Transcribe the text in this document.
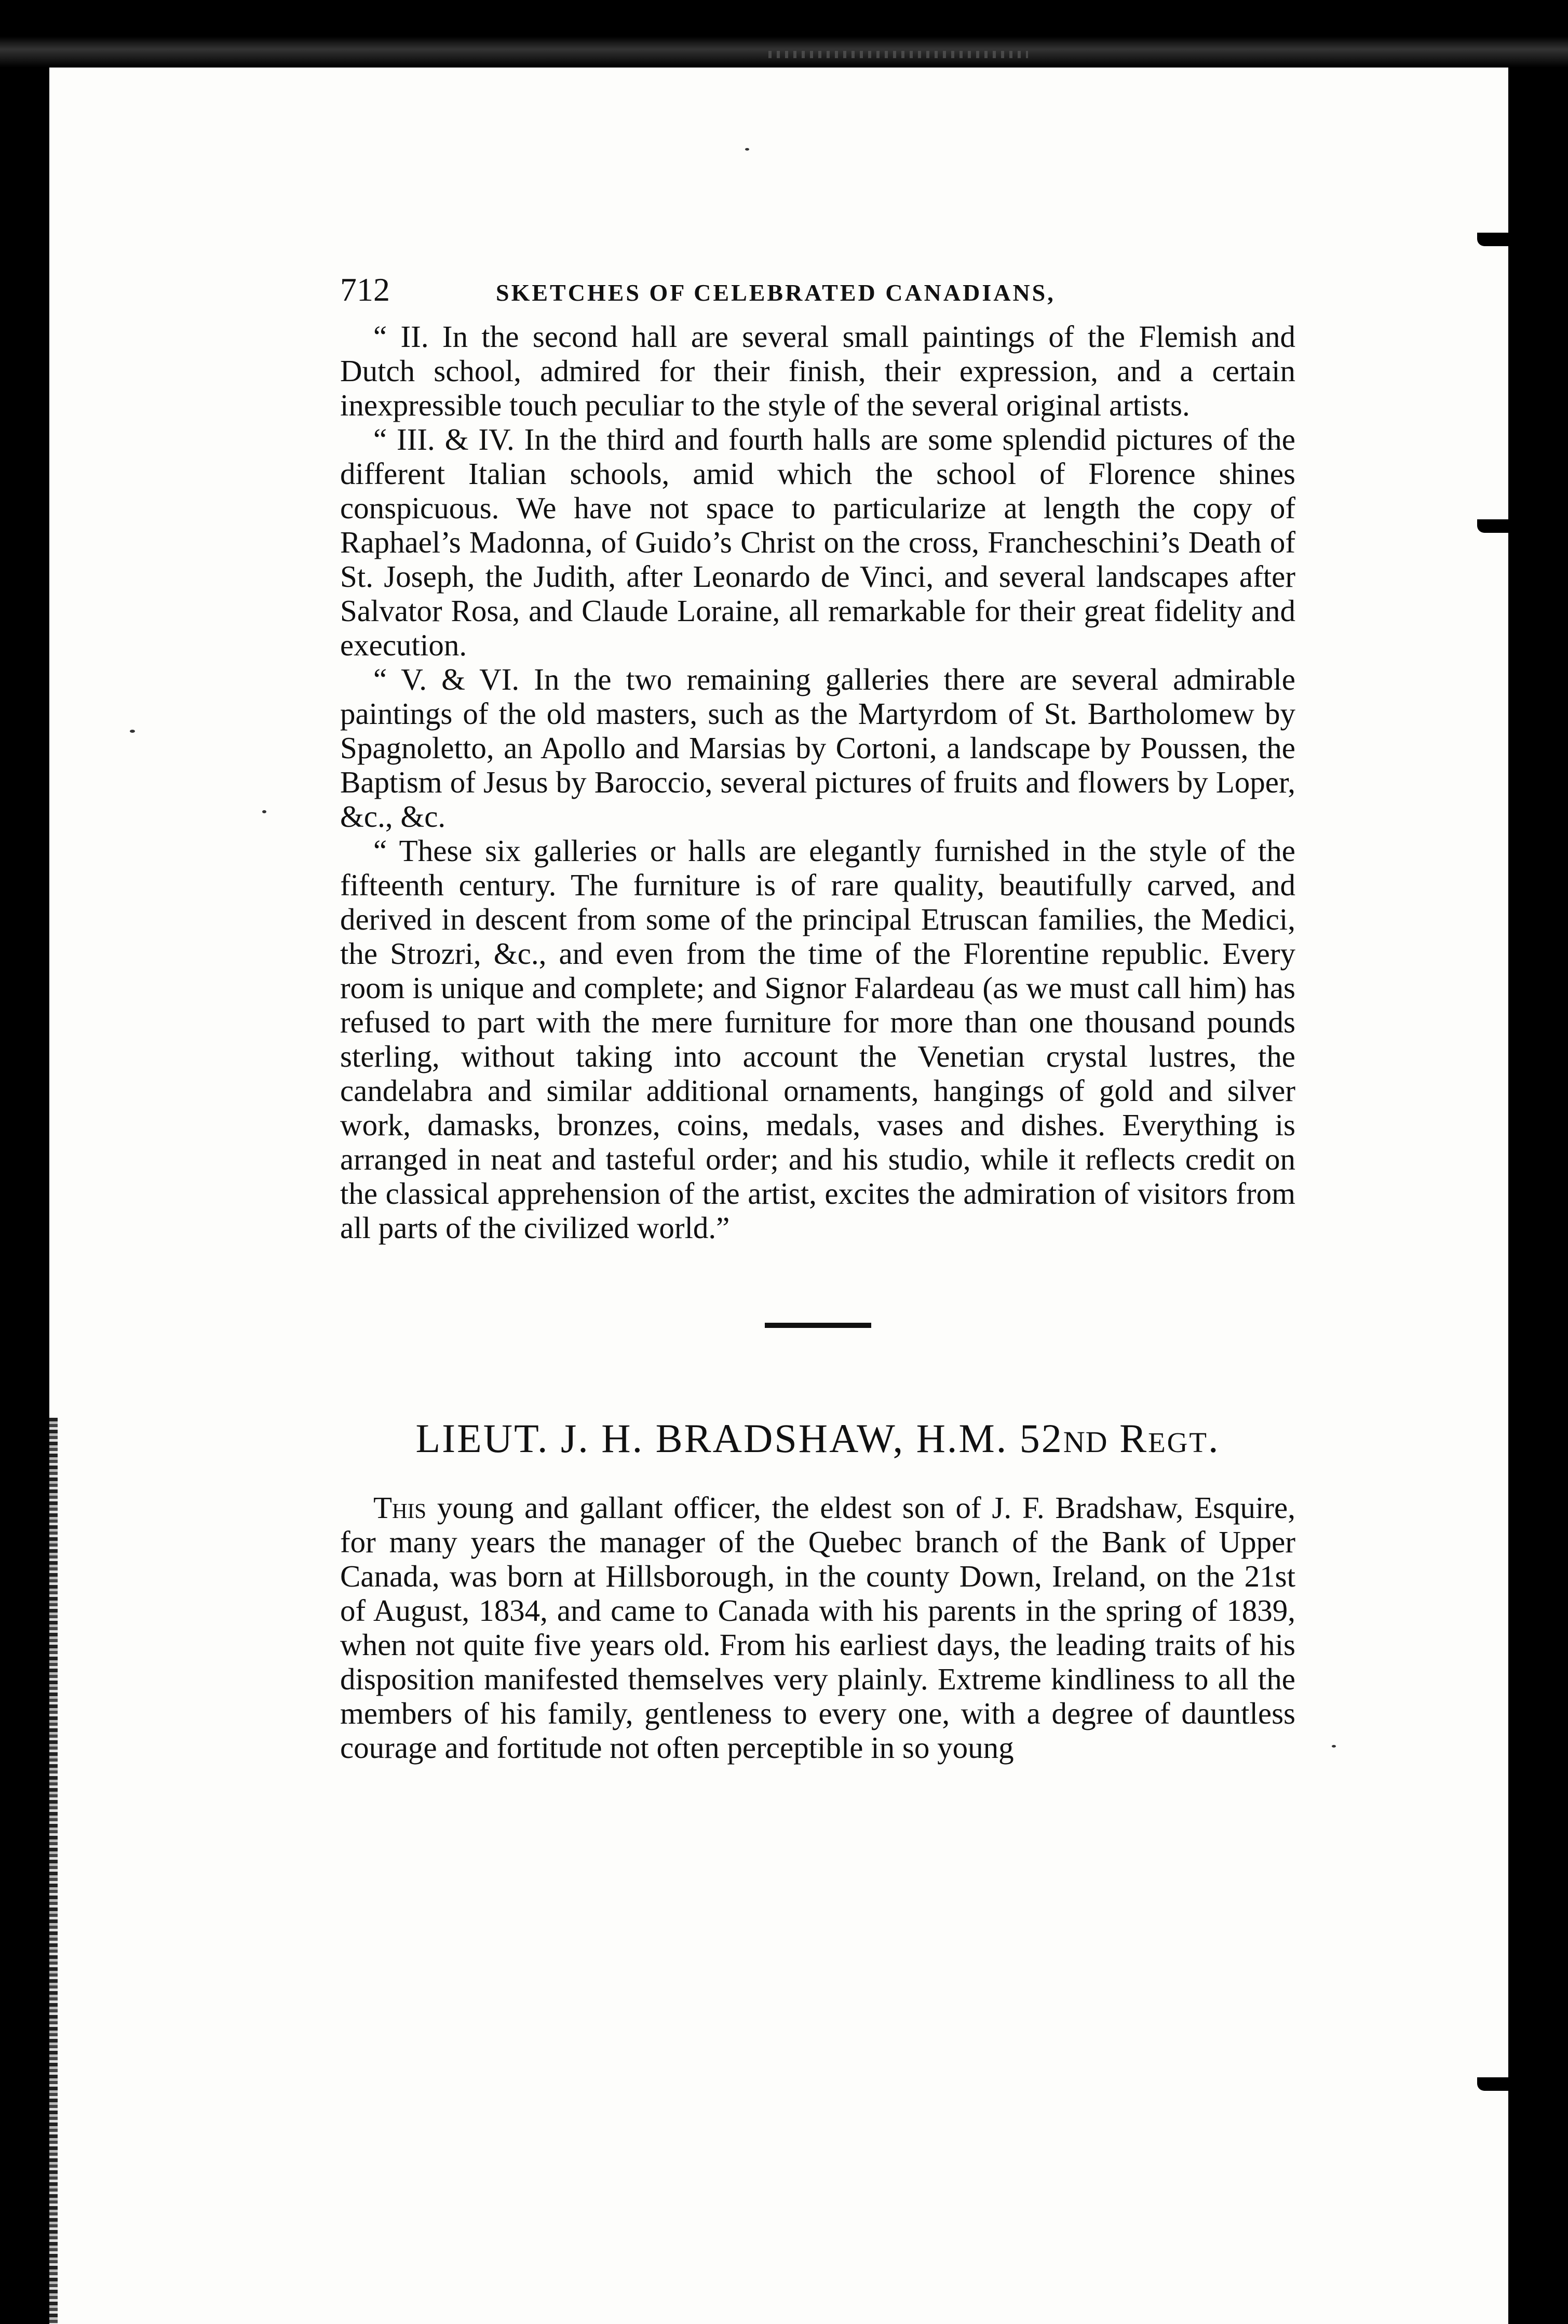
712	SKETCHES OF CELEBRATED CANADIANS,

“ II. In the second hall are several small paintings of the Flemish and Dutch school, admired for their finish, their expression, and a certain inexpressible touch peculiar to the style of the several original artists.

“ III. & IV. In the third and fourth halls are some splendid pictures of the different Italian schools, amid which the school of Florence shines conspicuous. We have not space to particularize at length the copy of Raphael’s Madonna, of Guido’s Christ on the cross, Francheschini’s Death of St. Joseph, the Judith, after Leonardo de Vinci, and several landscapes after Salvator Rosa, and Claude Loraine, all remarkable for their great fidelity and execution.

“ V. & VI. In the two remaining galleries there are several admirable paintings of the old masters, such as the Martyrdom of St. Bartholomew by Spagnoletto, an Apollo and Marsias by Cortoni, a landscape by Poussen, the Baptism of Jesus by Baroccio, several pictures of fruits and flowers by Loper, &c., &c.

“ These six galleries or halls are elegantly furnished in the style of the fifteenth century. The furniture is of rare quality, beautifully carved, and derived in descent from some of the principal Etruscan families, the Medici, the Strozri, &c., and even from the time of the Florentine republic. Every room is unique and complete; and Signor Falardeau (as we must call him) has refused to part with the mere furniture for more than one thousand pounds sterling, without taking into account the Venetian crystal lustres, the candelabra and similar additional ornaments, hangings of gold and silver work, damasks, bronzes, coins, medals, vases and dishes. Everything is arranged in neat and tasteful order; and his studio, while it reflects credit on the classical apprehension of the artist, excites the admiration of visitors from all parts of the civilized world.”

LIEUT. J. H. BRADSHAW, H.M. 52ND Regt.

This young and gallant officer, the eldest son of J. F. Bradshaw, Esquire, for many years the manager of the Quebec branch of the Bank of Upper Canada, was born at Hillsborough, in the county Down, Ireland, on the 21st of August, 1834, and came to Canada with his parents in the spring of 1839, when not quite five years old. From his earliest days, the leading traits of his disposition manifested themselves very plainly. Extreme kindliness to all the members of his family, gentleness to every one, with a degree of dauntless courage and fortitude not often perceptible in so young
